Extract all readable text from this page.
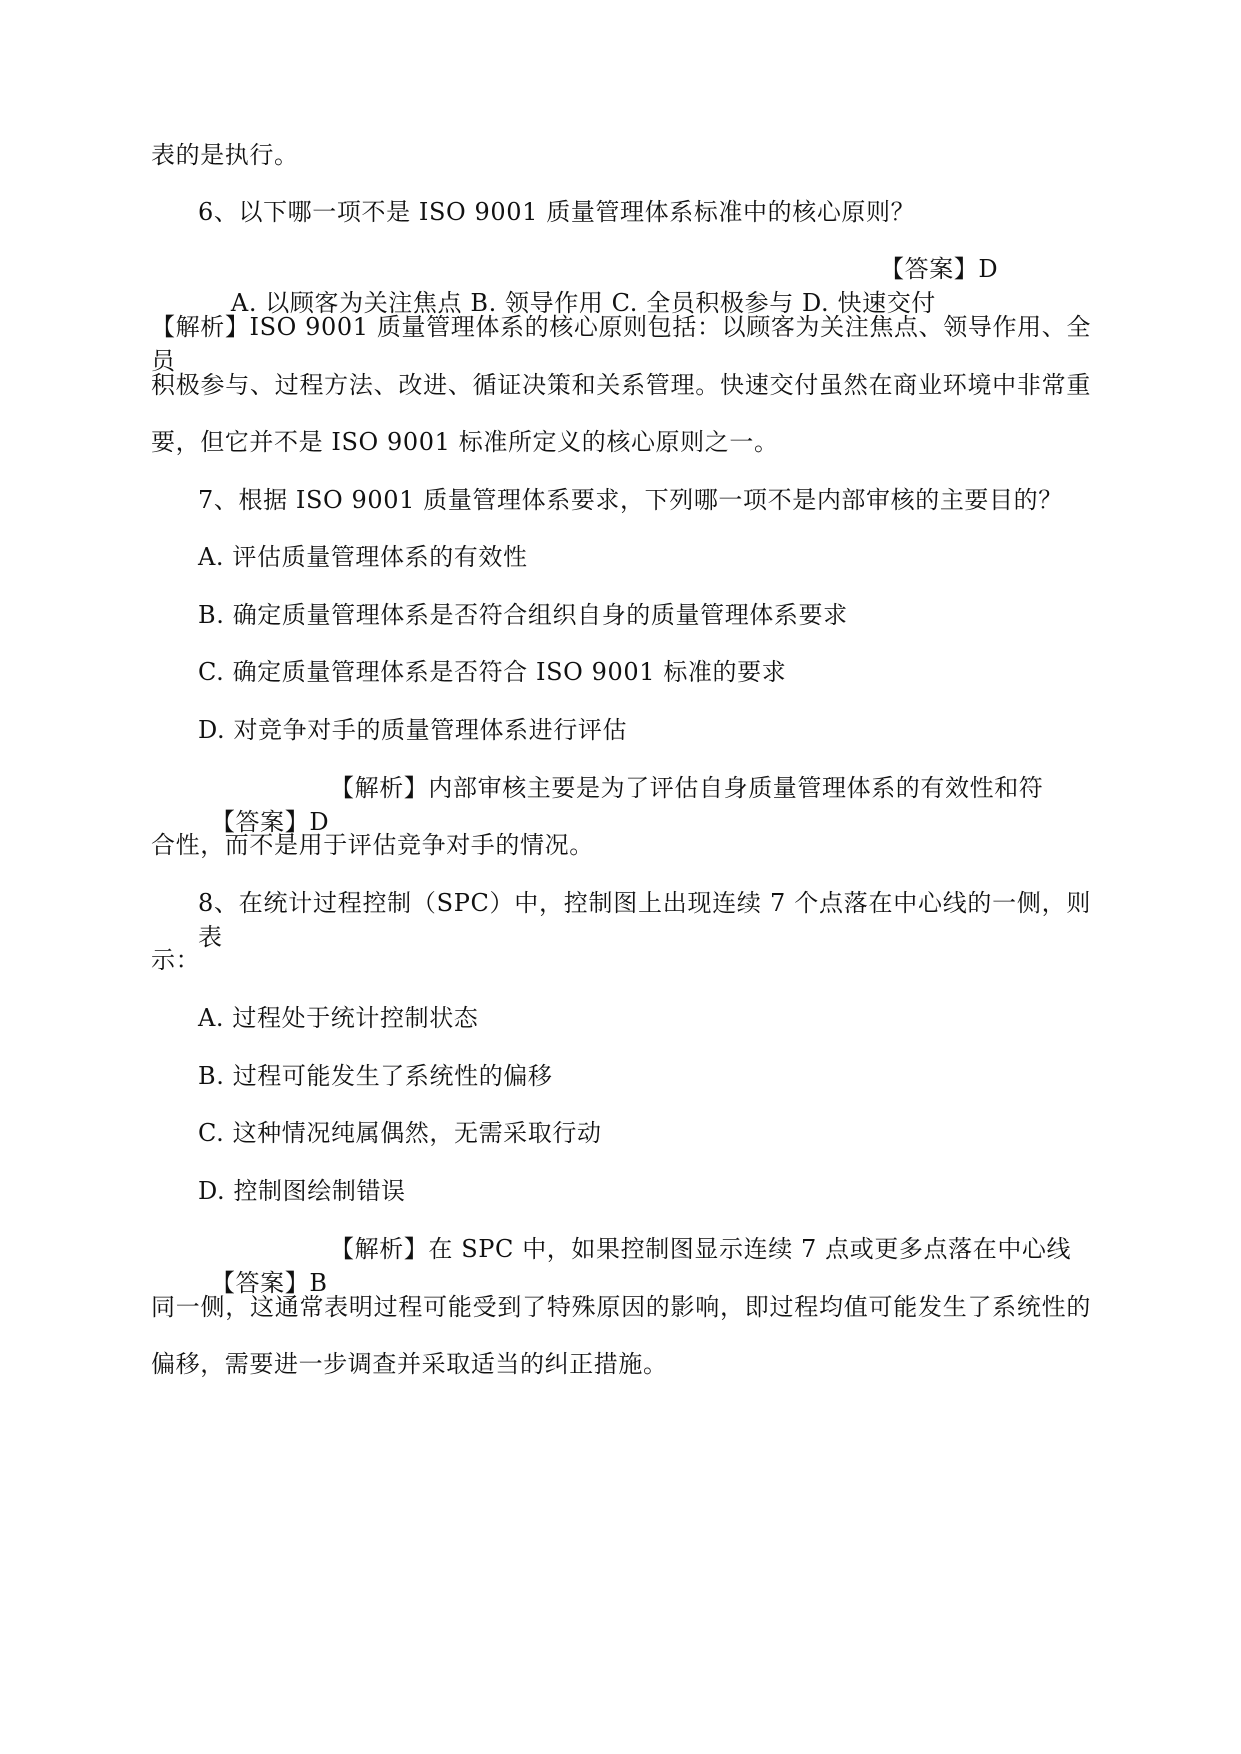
表的是执行。
6、以下哪一项不是 ISO 9001 质量管理体系标准中的核心原则？

A. 以顾客为关注焦点 B. 领导作用 C. 全员积极参与 D. 快速交付

【答案】D

【解析】ISO 9001 质量管理体系的核心原则包括：以顾客为关注焦点、领导作用、全员
积极参与、过程方法、改进、循证决策和关系管理。快速交付虽然在商业环境中非常重
要，但它并不是 ISO 9001 标准所定义的核心原则之一。
7、根据 ISO 9001 质量管理体系要求，下列哪一项不是内部审核的主要目的？
A. 评估质量管理体系的有效性
B. 确定质量管理体系是否符合组织自身的质量管理体系要求
C. 确定质量管理体系是否符合 ISO 9001 标准的要求
D. 对竞争对手的质量管理体系进行评估

【答案】D

【解析】内部审核主要是为了评估自身质量管理体系的有效性和符

合性，而不是用于评估竞争对手的情况。
8、在统计过程控制（SPC）中，控制图上出现连续 7 个点落在中心线的一侧，则表
示：
A. 过程处于统计控制状态
B. 过程可能发生了系统性的偏移
C. 这种情况纯属偶然，无需采取行动
D. 控制图绘制错误

【答案】B

【解析】在 SPC 中，如果控制图显示连续 7 点或更多点落在中心线

同一侧，这通常表明过程可能受到了特殊原因的影响，即过程均值可能发生了系统性的
偏移，需要进一步调查并采取适当的纠正措施。
